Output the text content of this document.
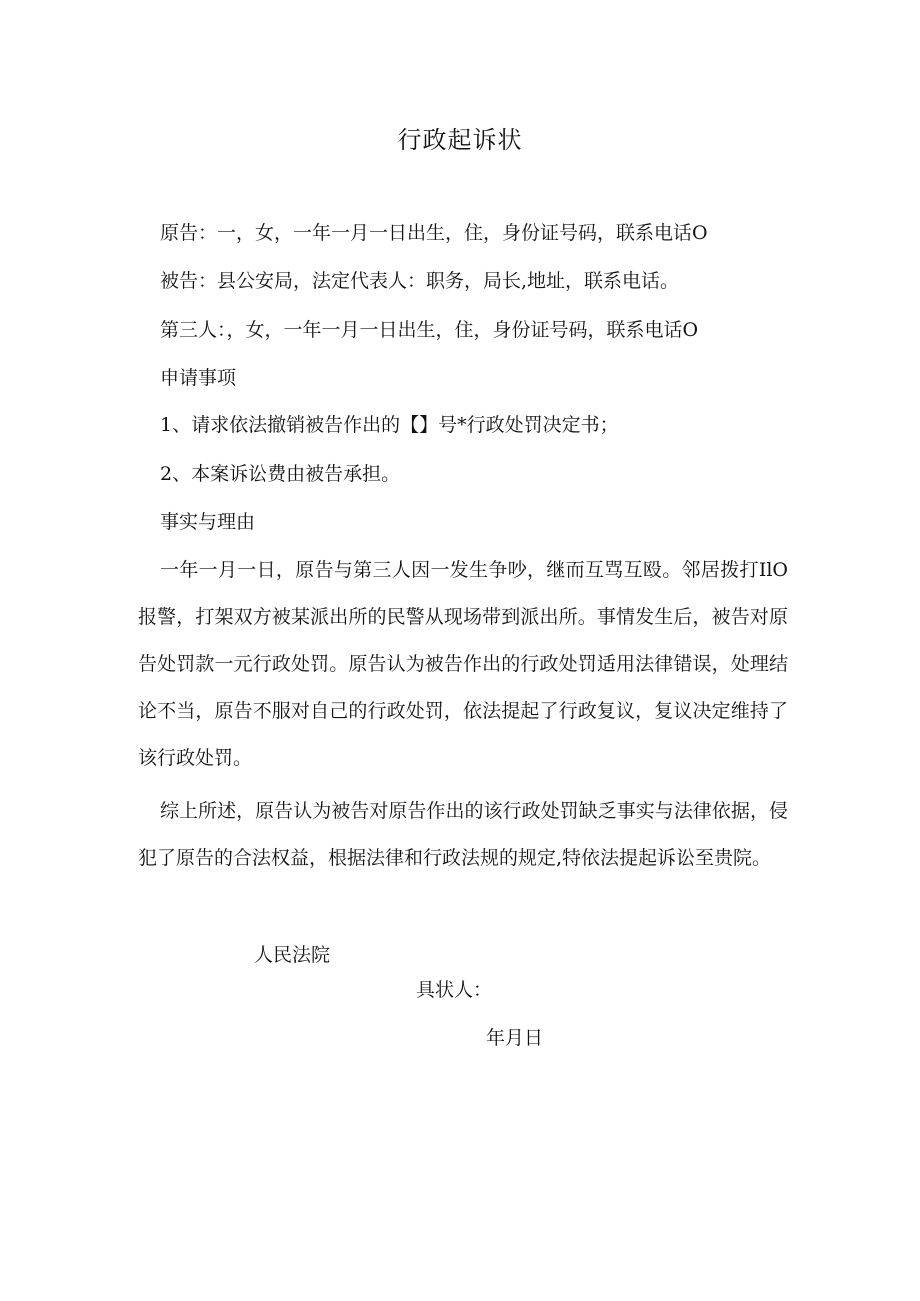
行政起诉状
原告：一，女，一年一月一日出生，住，身份证号码，联系电话O
被告：县公安局，法定代表人：职务，局长,地址，联系电话。
第三人：，女，一年一月一日出生，住，身份证号码，联系电话O
申请事项
1、请求依法撤销被告作出的【】号*行政处罚决定书；
2、本案诉讼费由被告承担。
事实与理由
一年一月一日，原告与第三人因一发生争吵，继而互骂互殴。邻居拨打IlO报警，打架双方被某派出所的民警从现场带到派出所。事情发生后，被告对原告处罚款一元行政处罚。原告认为被告作出的行政处罚适用法律错误，处理结论不当，原告不服对自己的行政处罚，依法提起了行政复议，复议决定维持了该行政处罚。
综上所述，原告认为被告对原告作出的该行政处罚缺乏事实与法律依据，侵犯了原告的合法权益，根据法律和行政法规的规定,特依法提起诉讼至贵院。
人民法院
具状人：
年月日
